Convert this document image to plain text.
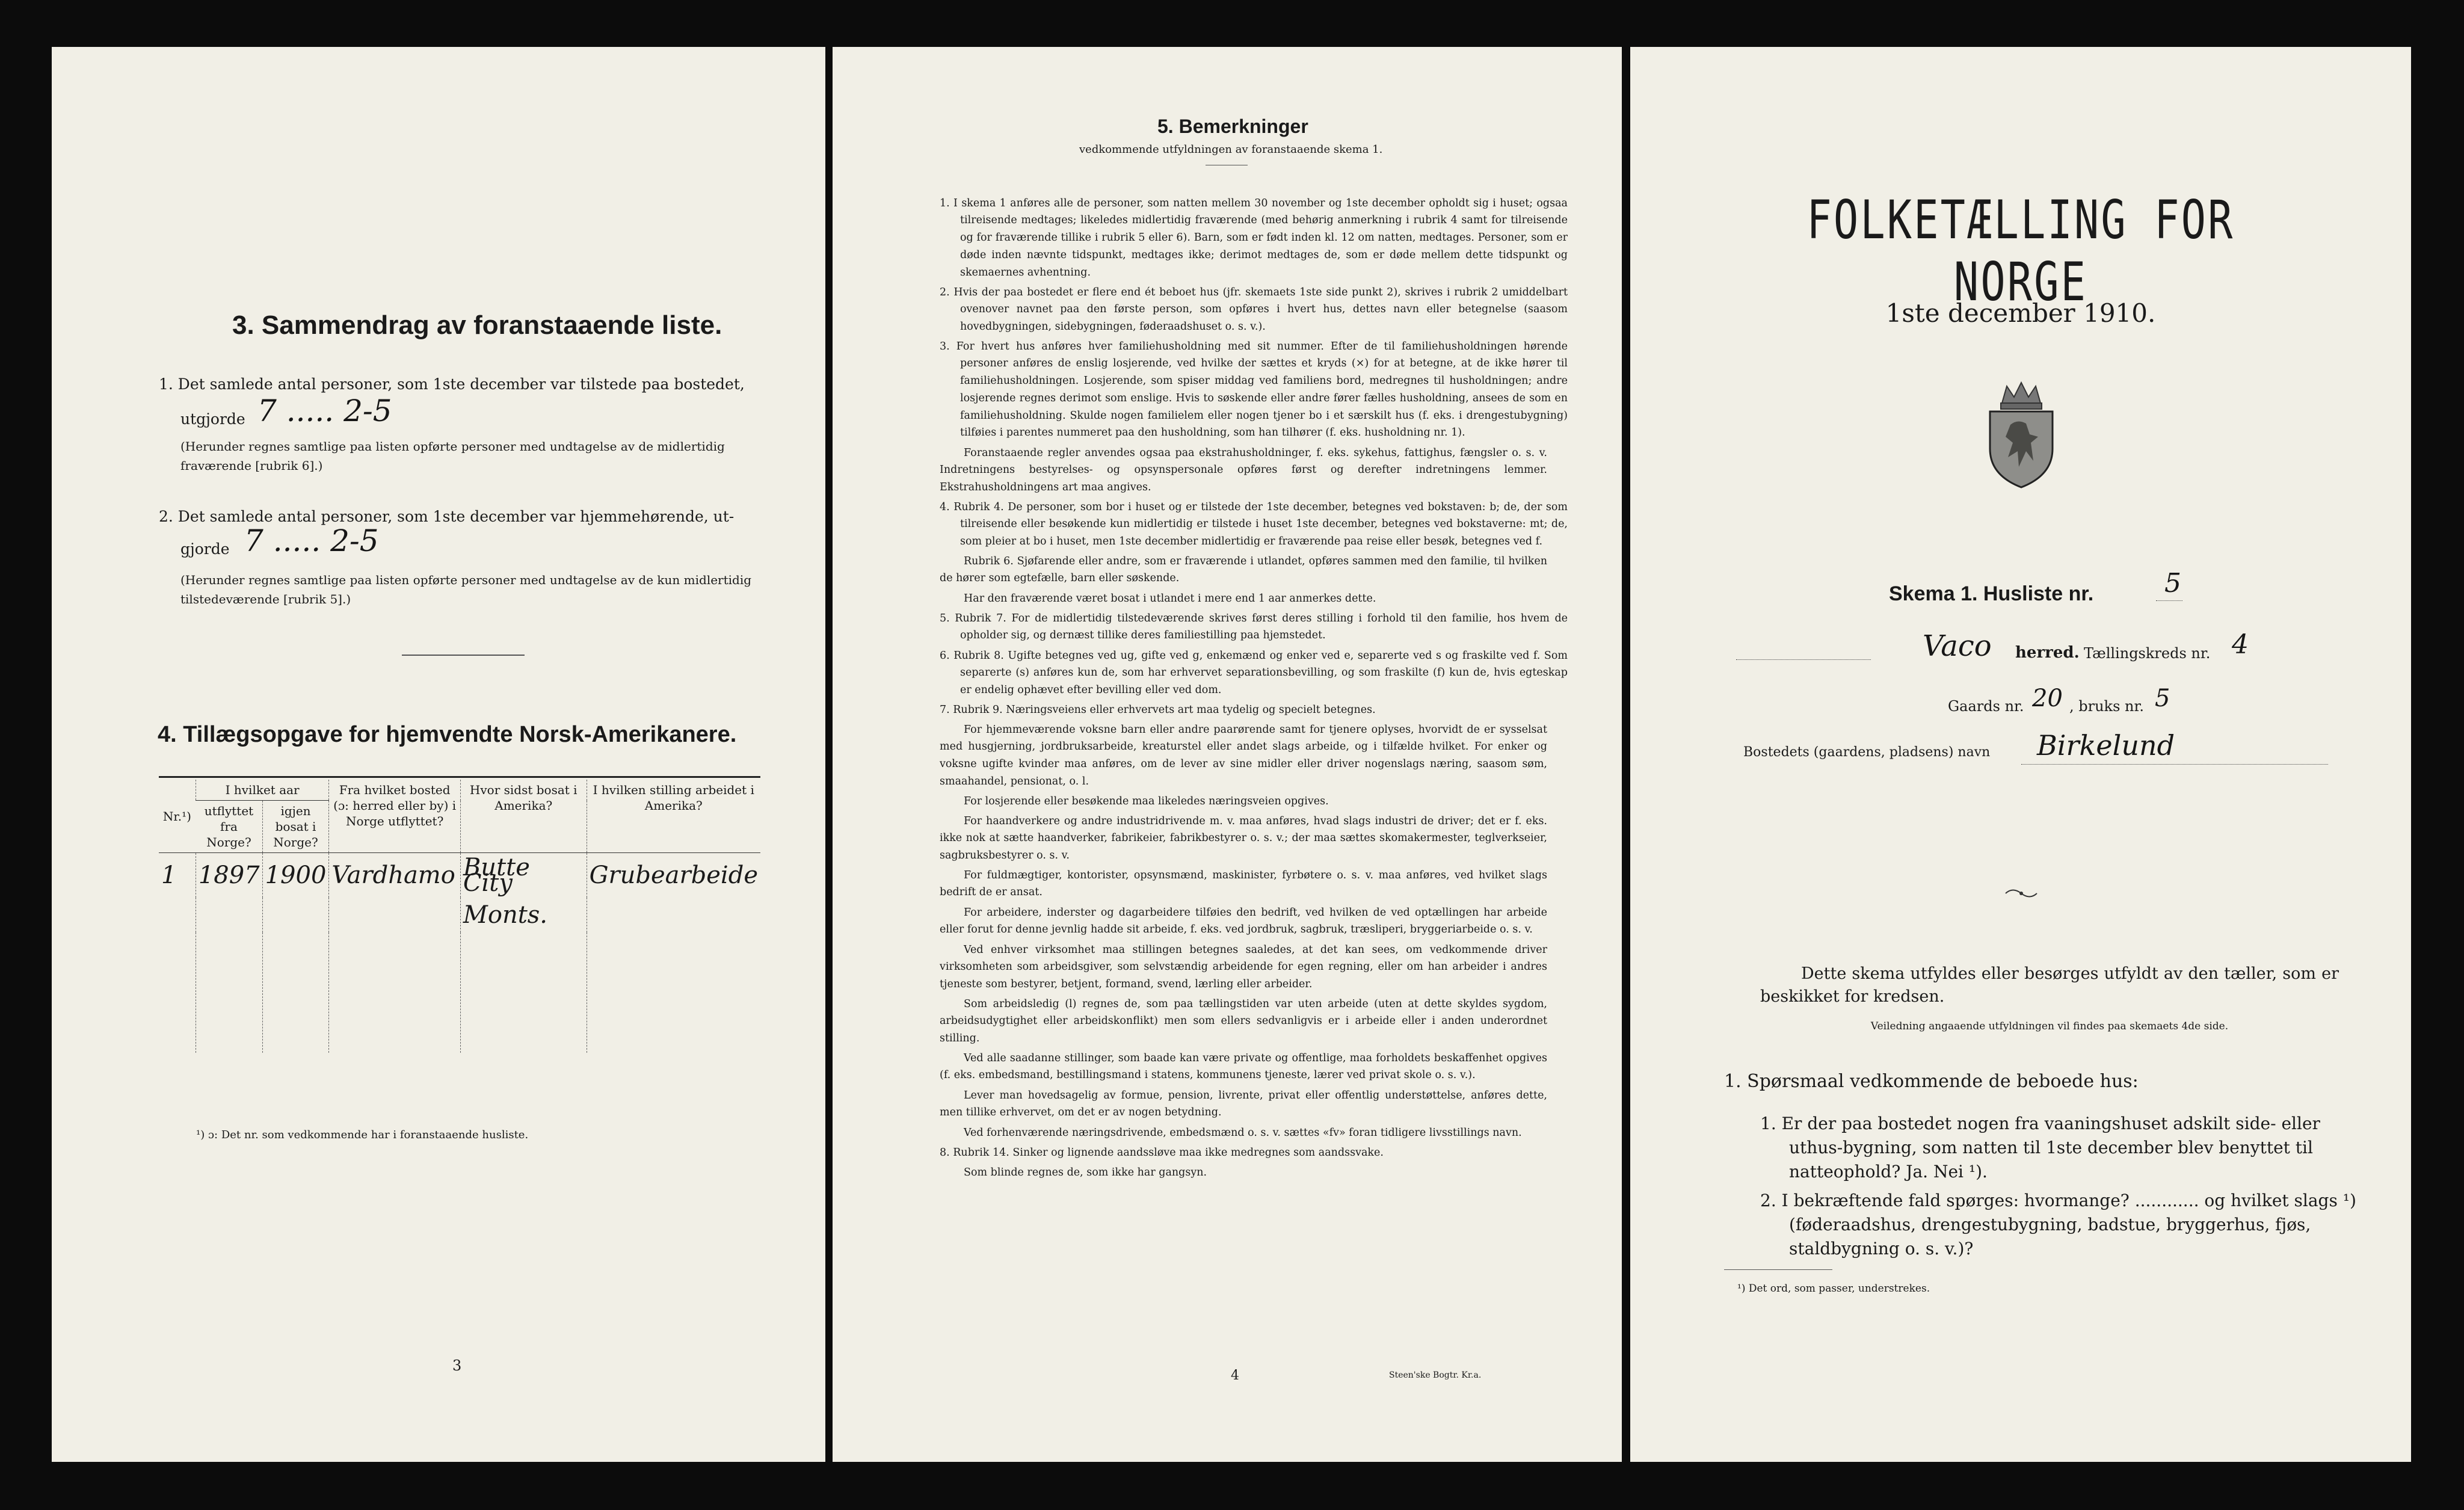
3. Sammendrag av foranstaaende liste.

1. Det samlede antal personer, som 1ste december var tilstede paa bostedet,

utgjorde 7 ..... 2-5

(Herunder regnes samtlige paa listen opførte personer med undtagelse av de midlertidig fraværende [rubrik 6].)

2. Det samlede antal personer, som 1ste december var hjemmehørende, ut-

gjorde 7 ..... 2-5

(Herunder regnes samtlige paa listen opførte personer med undtagelse av de kun midlertidig tilstedeværende [rubrik 5].)

4. Tillægsopgave for hjemvendte Norsk-Amerikanere.
Nr.¹)	I hvilket aar		Fra hvilket bosted (ɔ: herred eller by) i Norge utflyttet?	Hvor sidst bosat i Amerika?	I hvilken stilling arbeidet i Amerika?
	utflyttet fra Norge?	igjen bosat i Norge?			
1	1897	1900	Vardhamo	Butte City	Grubearbeide
				Monts.	

¹) ɔ: Det nr. som vedkommende har i foranstaaende husliste.

3
5. Bemerkninger

vedkommende utfyldningen av foranstaaende skema 1.

1. I skema 1 anføres alle de personer, som natten mellem 30 november og 1ste december opholdt sig i huset; ogsaa tilreisende medtages; likeledes midlertidig fraværende (med behørig anmerkning i rubrik 4 samt for tilreisende og for fraværende tillike i rubrik 5 eller 6). Barn, som er født inden kl. 12 om natten, medtages. Personer, som er døde inden nævnte tidspunkt, medtages ikke; derimot medtages de, som er døde mellem dette tidspunkt og skemaernes avhentning.

2. Hvis der paa bostedet er flere end ét beboet hus (jfr. skemaets 1ste side punkt 2), skrives i rubrik 2 umiddelbart ovenover navnet paa den første person, som opføres i hvert hus, dettes navn eller betegnelse (saasom hovedbygningen, sidebygningen, føderaadshuset o. s. v.).

3. For hvert hus anføres hver familiehusholdning med sit nummer. Efter de til familiehusholdningen hørende personer anføres de enslig losjerende, ved hvilke der sættes et kryds (×) for at betegne, at de ikke hører til familiehusholdningen. Losjerende, som spiser middag ved familiens bord, medregnes til husholdningen; andre losjerende regnes derimot som enslige. Hvis to søskende eller andre fører fælles husholdning, ansees de som en familiehusholdning. Skulde nogen familielem eller nogen tjener bo i et særskilt hus (f. eks. i drengestubygning) tilføies i parentes nummeret paa den husholdning, som han tilhører (f. eks. husholdning nr. 1).

Foranstaaende regler anvendes ogsaa paa ekstrahusholdninger, f. eks. sykehus, fattighus, fængsler o. s. v. Indretningens bestyrelses- og opsynspersonale opføres først og derefter indretningens lemmer. Ekstrahusholdningens art maa angives.

4. Rubrik 4. De personer, som bor i huset og er tilstede der 1ste december, betegnes ved bokstaven: b; de, der som tilreisende eller besøkende kun midlertidig er tilstede i huset 1ste december, betegnes ved bokstaverne: mt; de, som pleier at bo i huset, men 1ste december midlertidig er fraværende paa reise eller besøk, betegnes ved f.

Rubrik 6. Sjøfarende eller andre, som er fraværende i utlandet, opføres sammen med den familie, til hvilken de hører som egtefælle, barn eller søskende.

Har den fraværende været bosat i utlandet i mere end 1 aar anmerkes dette.

5. Rubrik 7. For de midlertidig tilstedeværende skrives først deres stilling i forhold til den familie, hos hvem de opholder sig, og dernæst tillike deres familiestilling paa hjemstedet.

6. Rubrik 8. Ugifte betegnes ved ug, gifte ved g, enkemænd og enker ved e, separerte ved s og fraskilte ved f. Som separerte (s) anføres kun de, som har erhvervet separationsbevilling, og som fraskilte (f) kun de, hvis egteskap er endelig ophævet efter bevilling eller ved dom.

7. Rubrik 9. Næringsveiens eller erhvervets art maa tydelig og specielt betegnes.

For hjemmeværende voksne barn eller andre paarørende samt for tjenere oplyses, hvorvidt de er sysselsat med husgjerning, jordbruksarbeide, kreaturstel eller andet slags arbeide, og i tilfælde hvilket. For enker og voksne ugifte kvinder maa anføres, om de lever av sine midler eller driver nogenslags næring, saasom søm, smaahandel, pensionat, o. l.

For losjerende eller besøkende maa likeledes næringsveien opgives.

For haandverkere og andre industridrivende m. v. maa anføres, hvad slags industri de driver; det er f. eks. ikke nok at sætte haandverker, fabrikeier, fabrikbestyrer o. s. v.; der maa sættes skomakermester, teglverkseier, sagbruksbestyrer o. s. v.

For fuldmægtiger, kontorister, opsynsmænd, maskinister, fyrbøtere o. s. v. maa anføres, ved hvilket slags bedrift de er ansat.

For arbeidere, inderster og dagarbeidere tilføies den bedrift, ved hvilken de ved optællingen har arbeide eller forut for denne jevnlig hadde sit arbeide, f. eks. ved jordbruk, sagbruk, træsliperi, bryggeriarbeide o. s. v.

Ved enhver virksomhet maa stillingen betegnes saaledes, at det kan sees, om vedkommende driver virksomheten som arbeidsgiver, som selvstændig arbeidende for egen regning, eller om han arbeider i andres tjeneste som bestyrer, betjent, formand, svend, lærling eller arbeider.

Som arbeidsledig (l) regnes de, som paa tællingstiden var uten arbeide (uten at dette skyldes sygdom, arbeidsudygtighet eller arbeidskonflikt) men som ellers sedvanligvis er i arbeide eller i anden underordnet stilling.

Ved alle saadanne stillinger, som baade kan være private og offentlige, maa forholdets beskaffenhet opgives (f. eks. embedsmand, bestillingsmand i statens, kommunens tjeneste, lærer ved privat skole o. s. v.).

Lever man hovedsagelig av formue, pension, livrente, privat eller offentlig understøttelse, anføres dette, men tillike erhvervet, om det er av nogen betydning.

Ved forhenværende næringsdrivende, embedsmænd o. s. v. sættes «fv» foran tidligere livsstillings navn.

8. Rubrik 14. Sinker og lignende aandssløve maa ikke medregnes som aandssvake.

Som blinde regnes de, som ikke har gangsyn.

4	Steen'ske Bogtr. Kr.a.
FOLKETÆLLING FOR NORGE

1ste december 1910.

Skema 1. Husliste nr.	5
Vaco herred. Tællingskreds nr. 4
Gaards nr. 20 , bruks nr. 5
Bostedets (gaardens, pladsens) navn Birkelund

Dette skema utfyldes eller besørges utfyldt av den tæller, som er beskikket for kredsen.

Veiledning angaaende utfyldningen vil findes paa skemaets 4de side.

1. Spørsmaal vedkommende de beboede hus:

1. Er der paa bostedet nogen fra vaaningshuset adskilt side- eller uthus-bygning, som natten til 1ste december blev benyttet til natteophold? Ja. Nei ¹).

2. I bekræftende fald spørges: hvormange? ............ og hvilket slags ¹) (føderaadshus, drengestubygning, badstue, bryggerhus, fjøs, staldbygning o. s. v.)?

¹) Det ord, som passer, understrekes.
